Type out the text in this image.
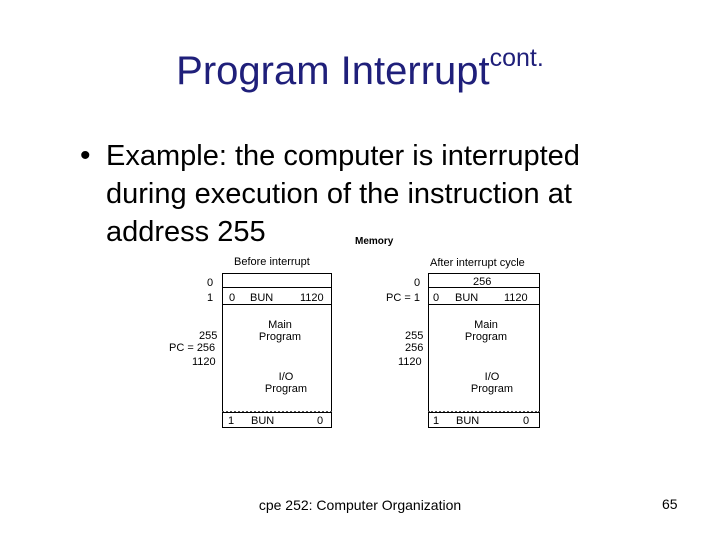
Program Interrupt$^{cont.}$
• Example: the computer is interrupted
during execution of the instruction at
address 255	Memory
Before interrupt
0
1
255
PC = 256
1120
0 BUN 1120
Main
Program
I/O
Program
1 BUN	0
After interrupt cycle
0
PC = 1
255
256
1120
256
0 BUN 1120
Main
Program
I/O
Program
1 BUN	0
cpe 252: Computer Organization	65
